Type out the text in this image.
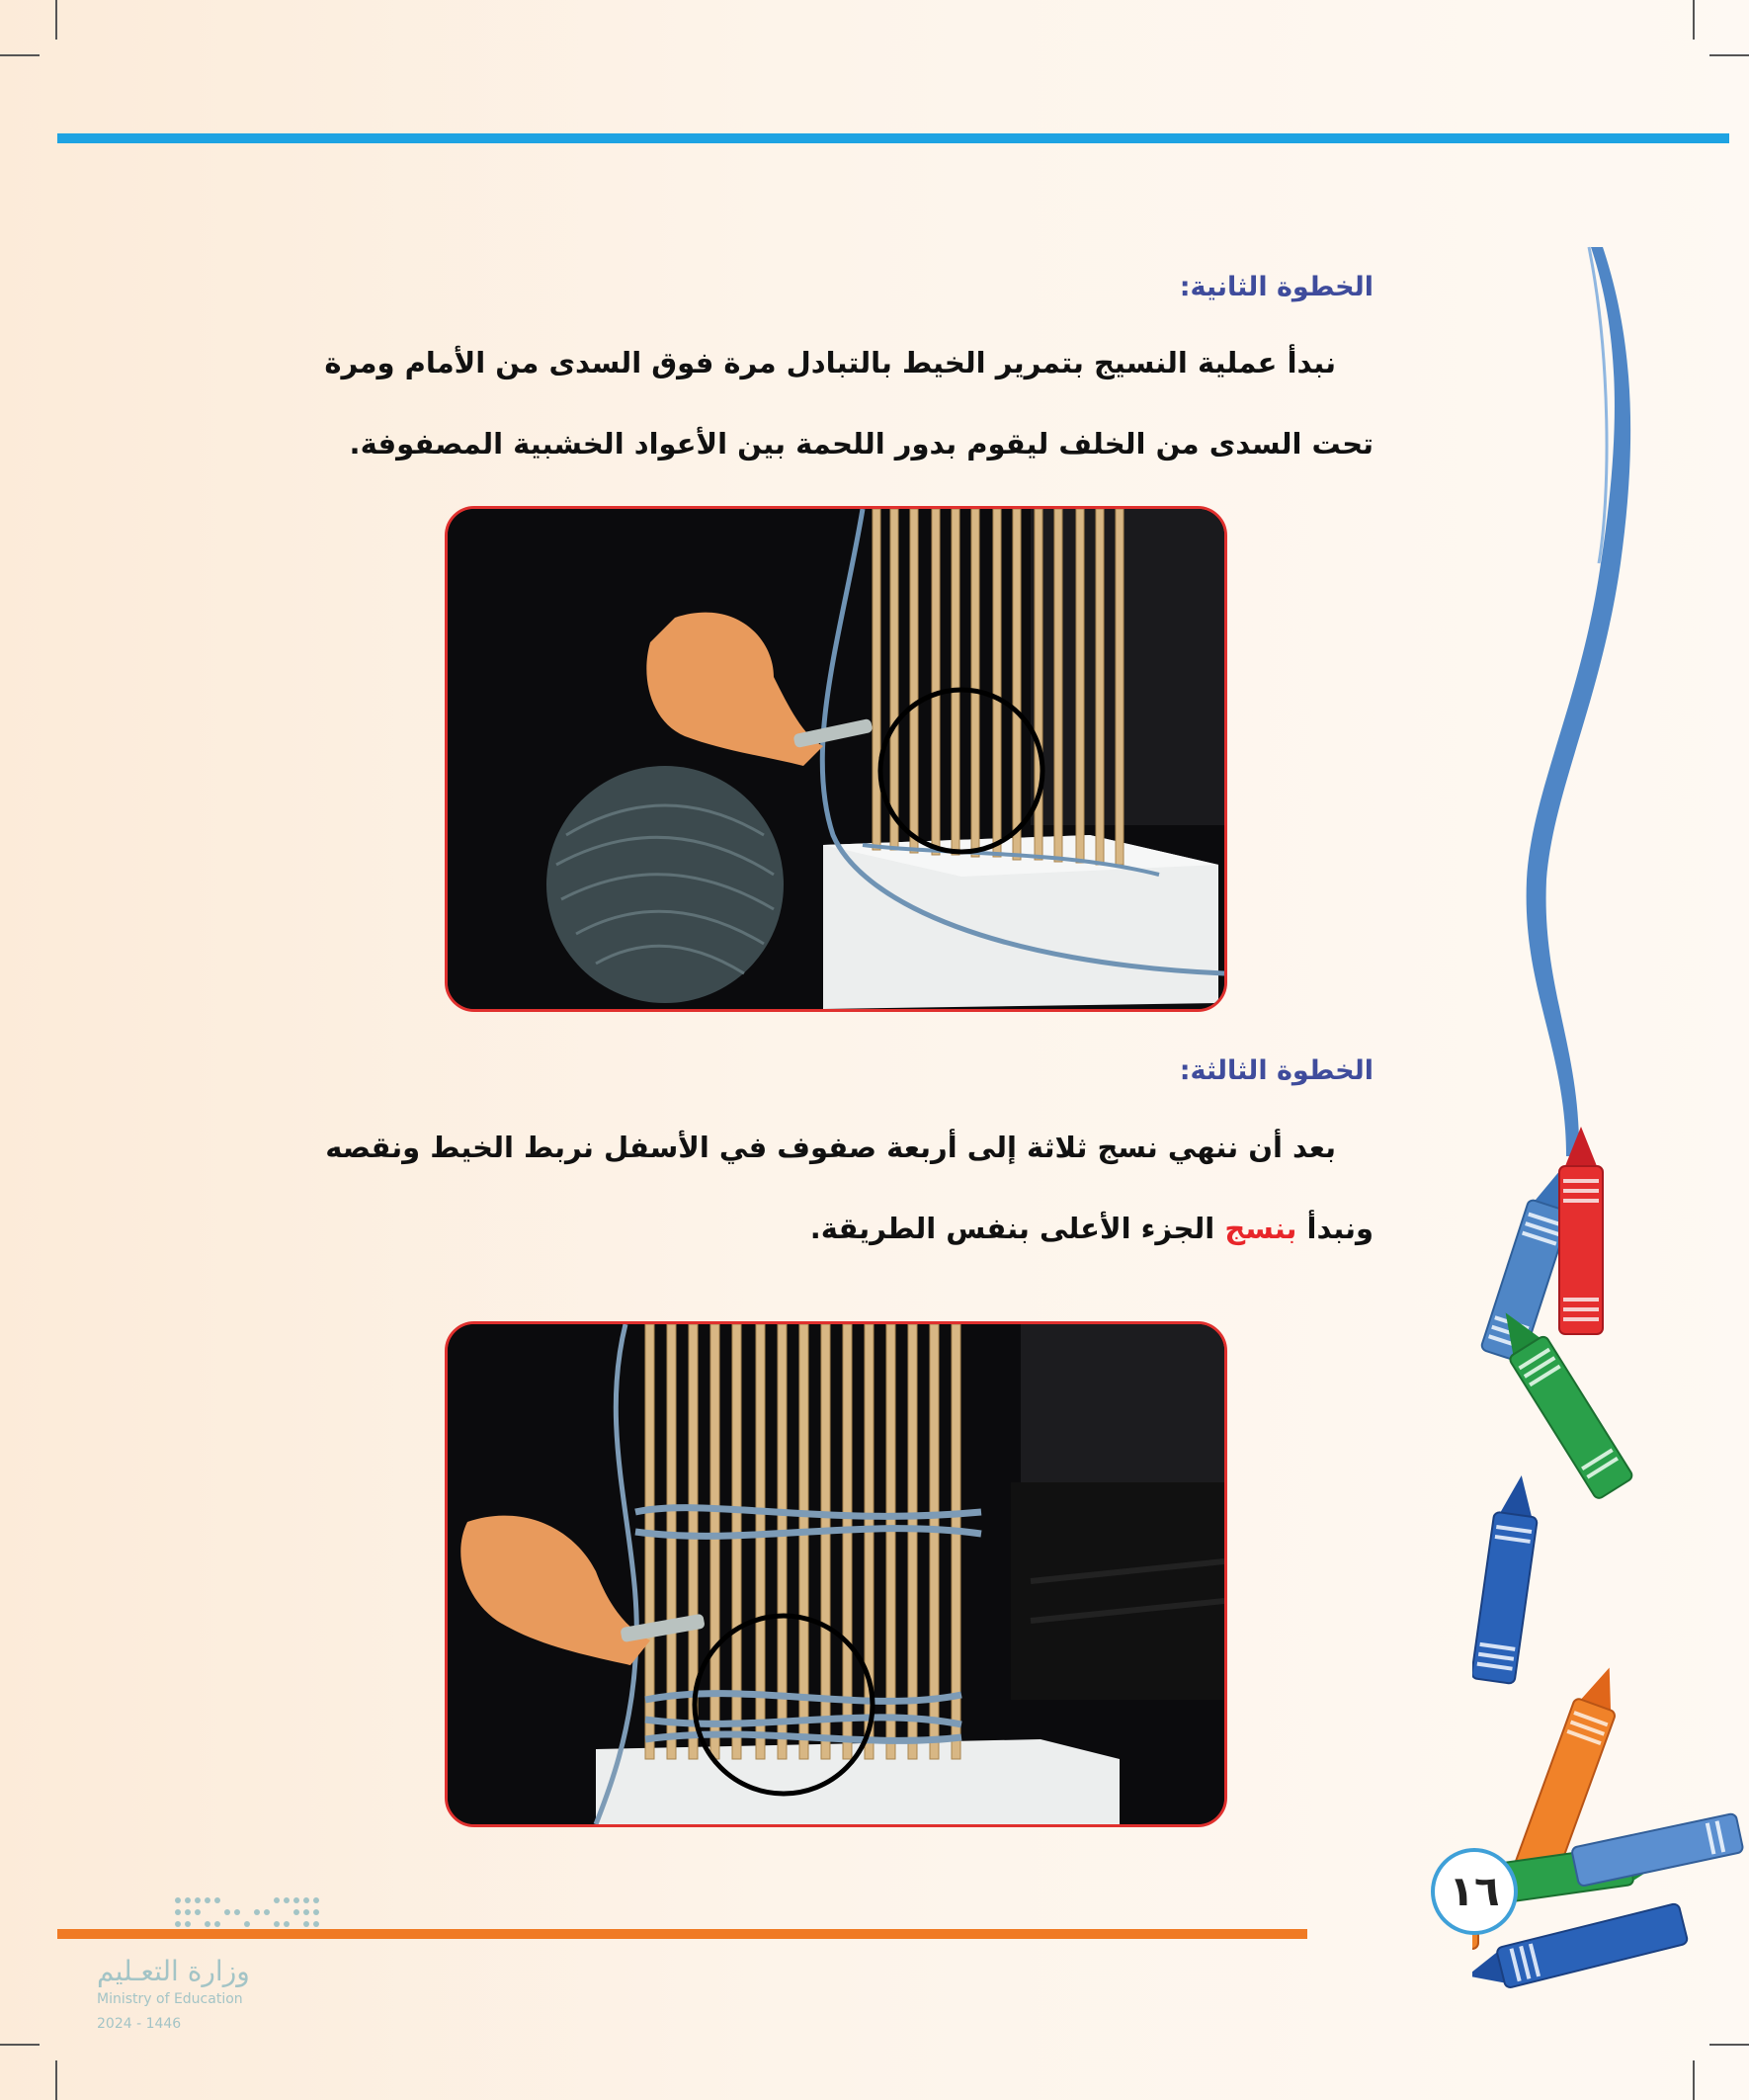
الخطوة الثانية:
نبدأ عملية النسيج بتمرير الخيط بالتبادل مرة فوق السدى من الأمام ومرة
تحت السدى من الخلف ليقوم بدور اللحمة بين الأعواد الخشبية المصفوفة.
الخطوة الثالثة:
بعد أن ننهي نسج ثلاثة إلى أربعة صفوف في الأسفل نربط الخيط ونقصه
ونبدأ بنسج الجزء الأعلى بنفس الطريقة.
١٦
وزارة التعـليم
Ministry of Education
2024 - 1446
